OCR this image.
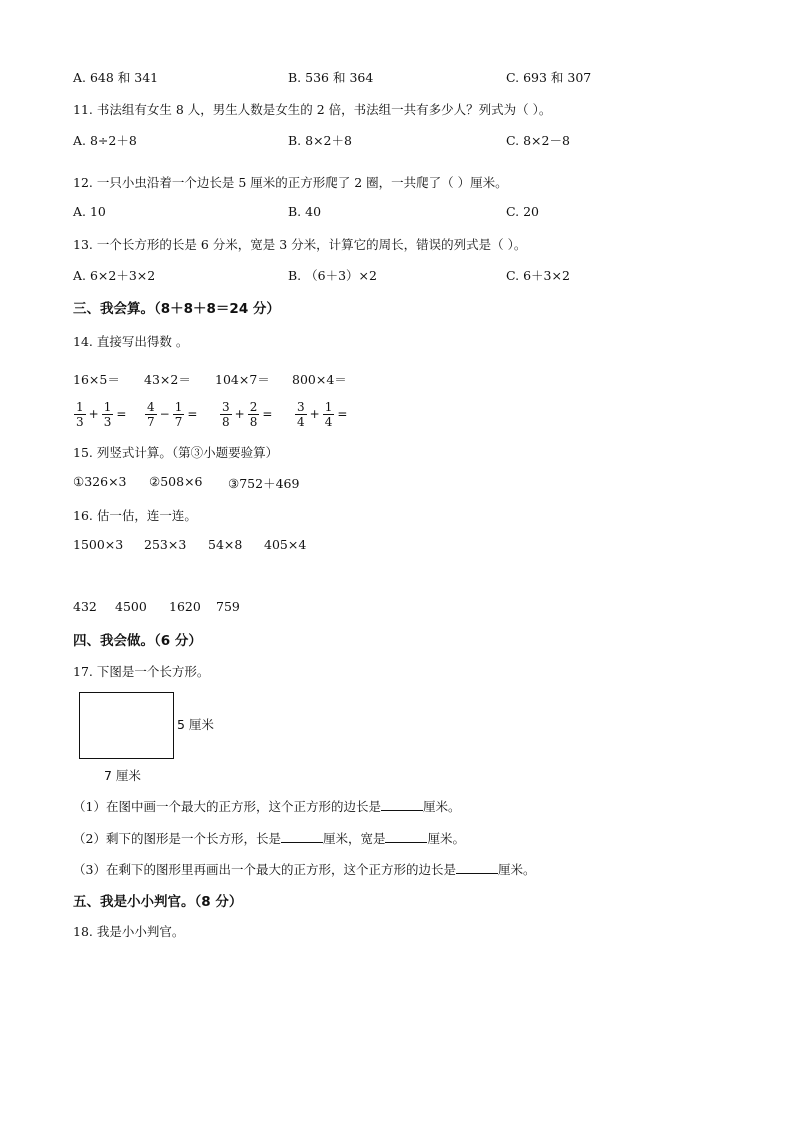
A. 648 和 341	B. 536 和 364	C. 693 和 307
11. 书法组有女生 8 人，男生人数是女生的 2 倍，书法组一共有多少人？列式为（ ）。
A. 8÷2＋8	B. 8×2＋8	C. 8×2－8
12. 一只小虫沿着一个边长是 5 厘米的正方形爬了 2 圈，一共爬了（ ）厘米。
A. 10	B. 40	C. 20
13. 一个长方形的长是 6 分米，宽是 3 分米，计算它的周长，错误的列式是（ ）。
A. 6×2＋3×2	B. （6＋3）×2	C. 6＋3×2
三、我会算。（8＋8＋8＝24 分）
14. 直接写出得数 。
16×5＝ 43×2＝ 104×7＝ 800×4＝
$\frac{1}{3} + \frac{1}{3} = \frac{4}{7} - \frac{1}{7} = \frac{3}{8} + \frac{2}{8} = \frac{3}{4} + \frac{1}{4}$ =
15. 列竖式计算。（第③小题要验算）
①326×3 ②508×6 ③752＋469
16. 估一估，连一连。
1500×3 253×3 54×8 405×4
432 4500 1620 759
四、我会做。（6 分）
17. 下图是一个长方形。
5 厘米
7 厘米
（1）在图中画一个最大的正方形，这个正方形的边长是	厘米。
（2）剩下的图形是一个长方形，长是	厘米，宽是	厘米。
（3）在剩下的图形里再画出一个最大的正方形，这个正方形的边长是	厘米。
五、我是小小判官。（8 分）
18. 我是小小判官。
